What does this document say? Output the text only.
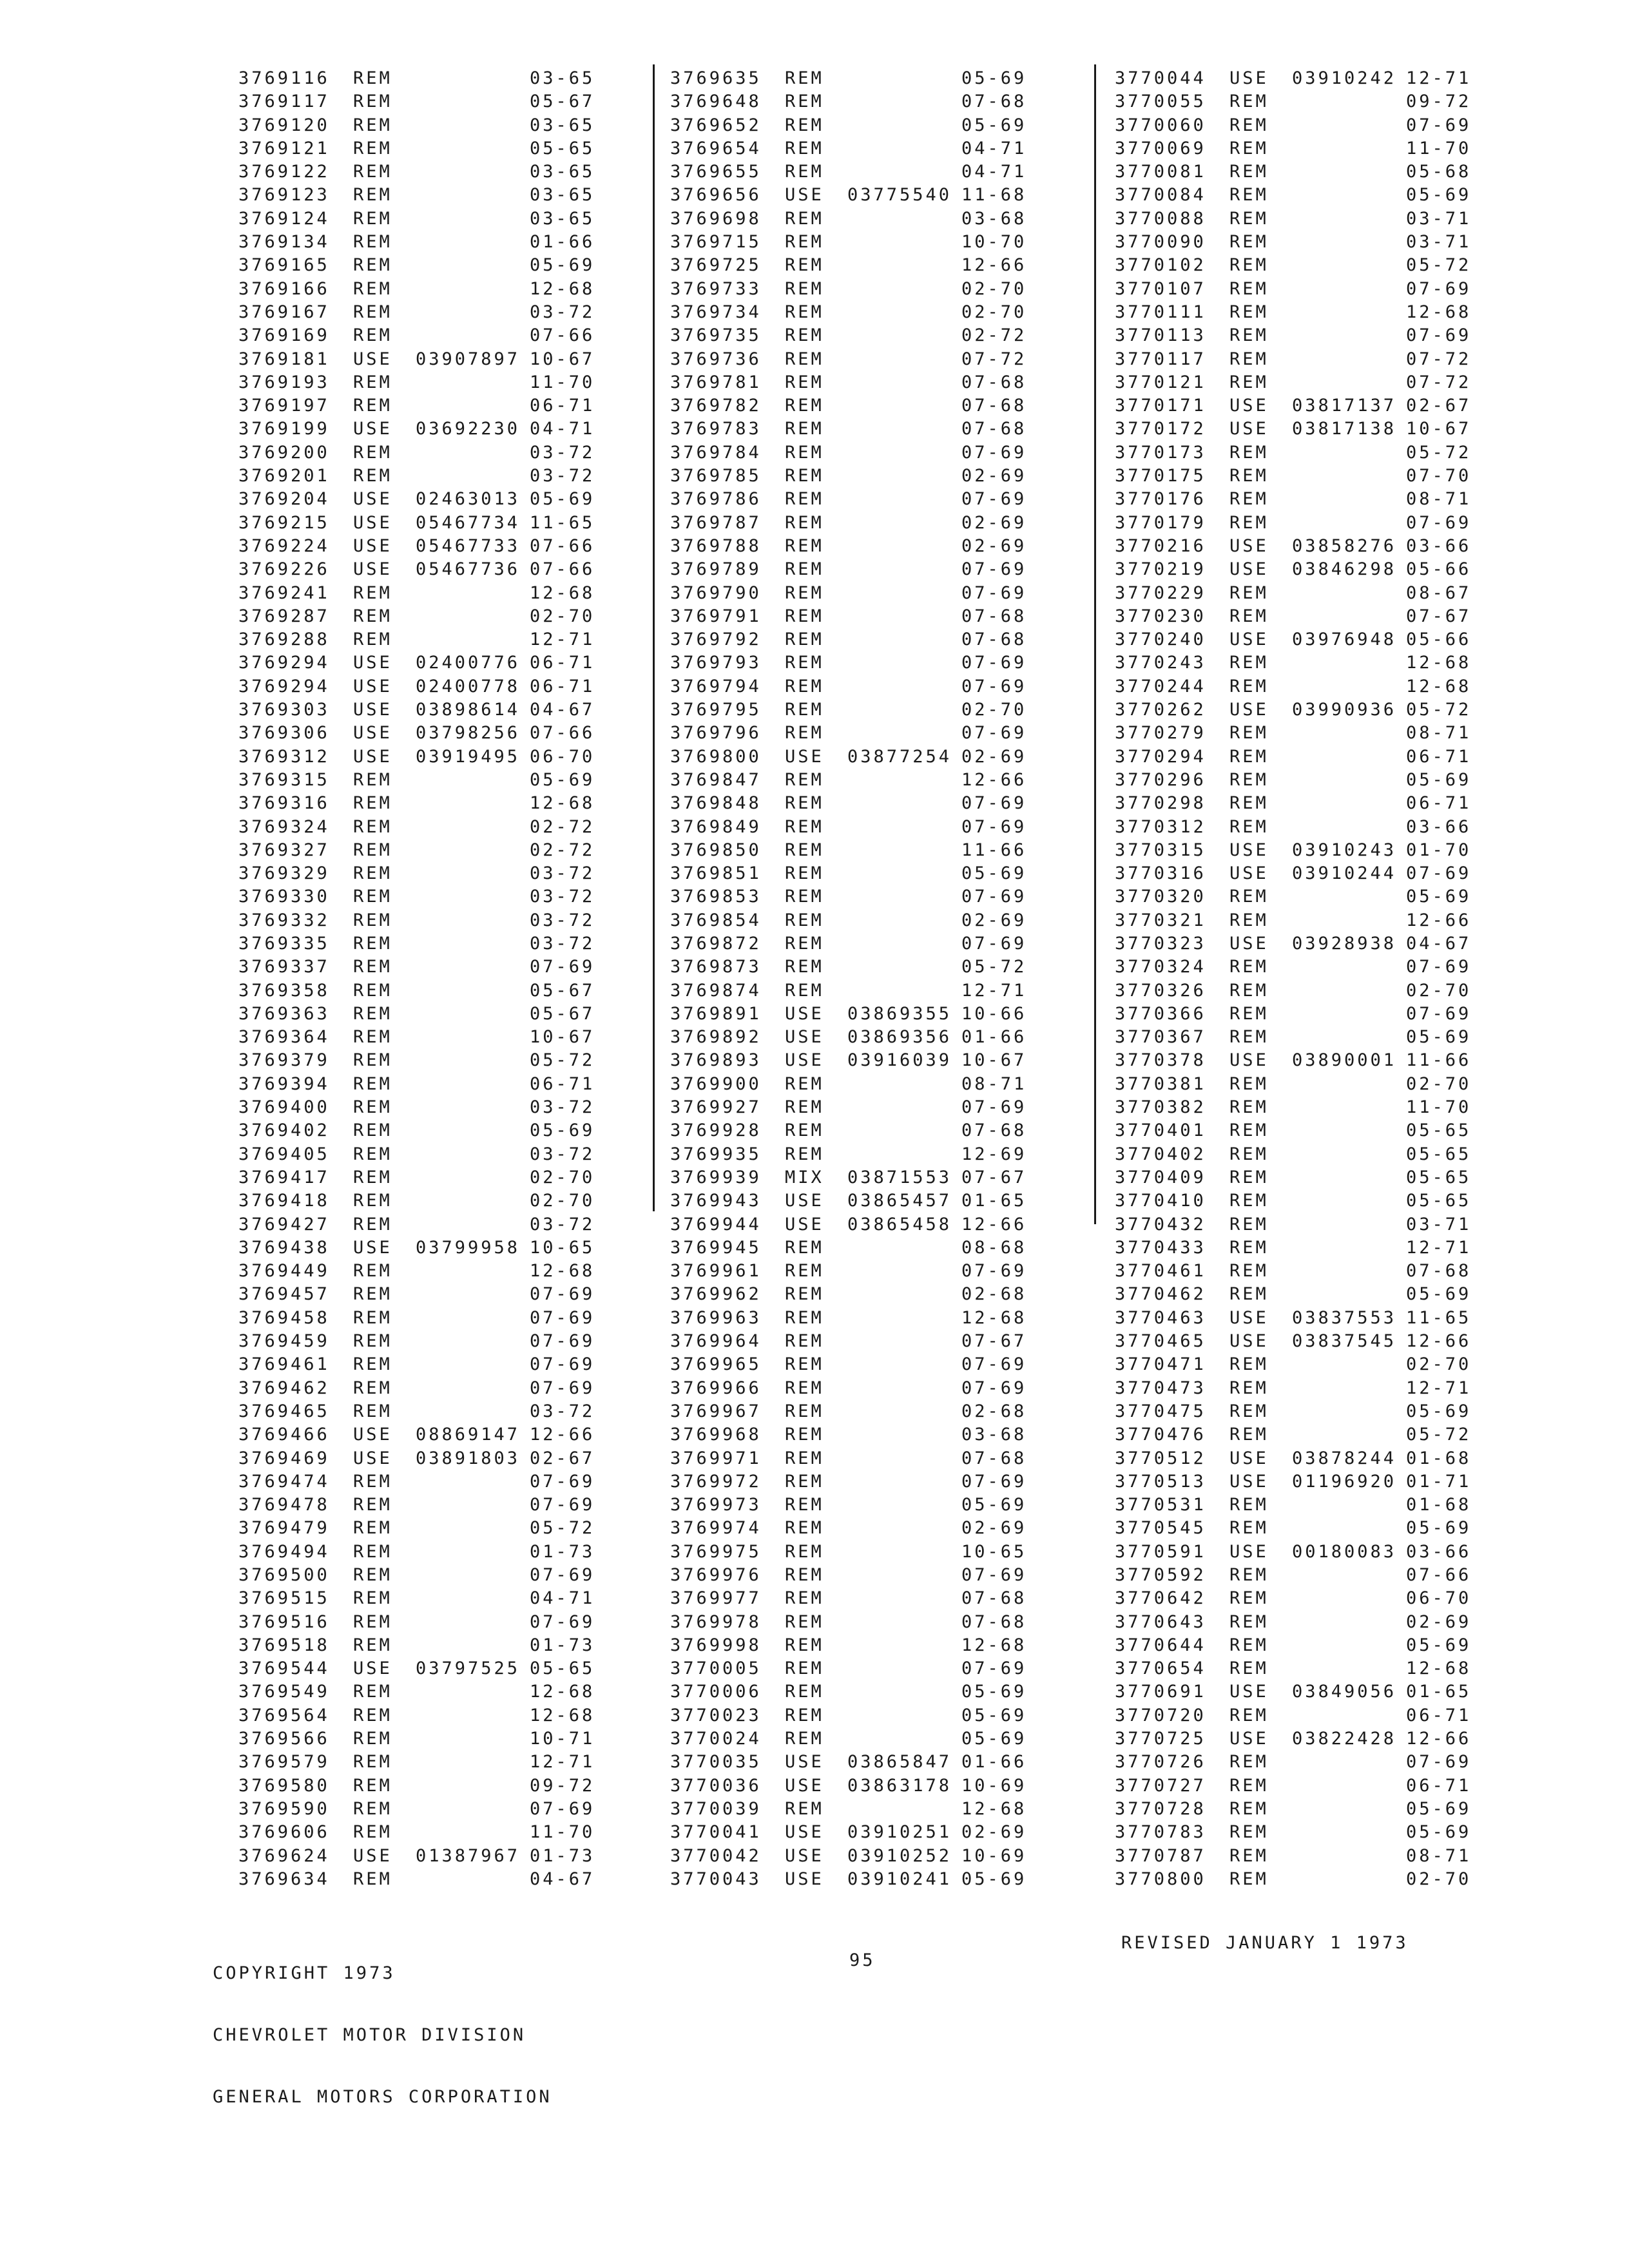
3769116 REM	03-65
3769117 REM	05-67
3769120 REM	03-65
3769121 REM	05-65
3769122 REM	03-65
3769123 REM	03-65
3769124 REM	03-65
3769134 REM	01-66
3769165 REM	05-69
3769166 REM	12-68
3769167 REM	03-72
3769169 REM	07-66
3769181 USE 03907897 10-67
3769193 REM	11-70
3769197 REM	06-71
3769199 USE 03692230 04-71
3769200 REM	03-72
3769201 REM	03-72
3769204 USE 02463013 05-69
3769215 USE 05467734 11-65
3769224 USE 05467733 07-66
3769226 USE 05467736 07-66
3769241 REM	12-68
3769287 REM	02-70
3769288 REM	12-71
3769294 USE 02400776 06-71
3769294 USE 02400778 06-71
3769303 USE 03898614 04-67
3769306 USE 03798256 07-66
3769312 USE 03919495 06-70
3769315 REM	05-69
3769316 REM	12-68
3769324 REM	02-72
3769327 REM	02-72
3769329 REM	03-72
3769330 REM	03-72
3769332 REM	03-72
3769335 REM	03-72
3769337 REM	07-69
3769358 REM	05-67
3769363 REM	05-67
3769364 REM	10-67
3769379 REM	05-72
3769394 REM	06-71
3769400 REM	03-72
3769402 REM	05-69
3769405 REM	03-72
3769417 REM	02-70
3769418 REM	02-70
3769427 REM	03-72
3769438 USE 03799958 10-65
3769449 REM	12-68
3769457 REM	07-69
3769458 REM	07-69
3769459 REM	07-69
3769461 REM	07-69
3769462 REM	07-69
3769465 REM	03-72
3769466 USE 08869147 12-66
3769469 USE 03891803 02-67
3769474 REM	07-69
3769478 REM	07-69
3769479 REM	05-72
3769494 REM	01-73
3769500 REM	07-69
3769515 REM	04-71
3769516 REM	07-69
3769518 REM	01-73
3769544 USE 03797525 05-65
3769549 REM	12-68
3769564 REM	12-68
3769566 REM	10-71
3769579 REM	12-71
3769580 REM	09-72
3769590 REM	07-69
3769606 REM	11-70
3769624 USE 01387967 01-73
3769634 REM	04-67
3769635 REM	05-69
3769648 REM	07-68
3769652 REM	05-69
3769654 REM	04-71
3769655 REM	04-71
3769656 USE 03775540 11-68
3769698 REM	03-68
3769715 REM	10-70
3769725 REM	12-66
3769733 REM	02-70
3769734 REM	02-70
3769735 REM	02-72
3769736 REM	07-72
3769781 REM	07-68
3769782 REM	07-68
3769783 REM	07-68
3769784 REM	07-69
3769785 REM	02-69
3769786 REM	07-69
3769787 REM	02-69
3769788 REM	02-69
3769789 REM	07-69
3769790 REM	07-69
3769791 REM	07-68
3769792 REM	07-68
3769793 REM	07-69
3769794 REM	07-69
3769795 REM	02-70
3769796 REM	07-69
3769800 USE 03877254 02-69
3769847 REM	12-66
3769848 REM	07-69
3769849 REM	07-69
3769850 REM	11-66
3769851 REM	05-69
3769853 REM	07-69
3769854 REM	02-69
3769872 REM	07-69
3769873 REM	05-72
3769874 REM	12-71
3769891 USE 03869355 10-66
3769892 USE 03869356 01-66
3769893 USE 03916039 10-67
3769900 REM	08-71
3769927 REM	07-69
3769928 REM	07-68
3769935 REM	12-69
3769939 MIX 03871553 07-67
3769943 USE 03865457 01-65
3769944 USE 03865458 12-66
3769945 REM	08-68
3769961 REM	07-69
3769962 REM	02-68
3769963 REM	12-68
3769964 REM	07-67
3769965 REM	07-69
3769966 REM	07-69
3769967 REM	02-68
3769968 REM	03-68
3769971 REM	07-68
3769972 REM	07-69
3769973 REM	05-69
3769974 REM	02-69
3769975 REM	10-65
3769976 REM	07-69
3769977 REM	07-68
3769978 REM	07-68
3769998 REM	12-68
3770005 REM	07-69
3770006 REM	05-69
3770023 REM	05-69
3770024 REM	05-69
3770035 USE 03865847 01-66
3770036 USE 03863178 10-69
3770039 REM	12-68
3770041 USE 03910251 02-69
3770042 USE 03910252 10-69
3770043 USE 03910241 05-69
3770044 USE 03910242 12-71
3770055 REM	09-72
3770060 REM	07-69
3770069 REM	11-70
3770081 REM	05-68
3770084 REM	05-69
3770088 REM	03-71
3770090 REM	03-71
3770102 REM	05-72
3770107 REM	07-69
3770111 REM	12-68
3770113 REM	07-69
3770117 REM	07-72
3770121 REM	07-72
3770171 USE 03817137 02-67
3770172 USE 03817138 10-67
3770173 REM	05-72
3770175 REM	07-70
3770176 REM	08-71
3770179 REM	07-69
3770216 USE 03858276 03-66
3770219 USE 03846298 05-66
3770229 REM	08-67
3770230 REM	07-67
3770240 USE 03976948 05-66
3770243 REM	12-68
3770244 REM	12-68
3770262 USE 03990936 05-72
3770279 REM	08-71
3770294 REM	06-71
3770296 REM	05-69
3770298 REM	06-71
3770312 REM	03-66
3770315 USE 03910243 01-70
3770316 USE 03910244 07-69
3770320 REM	05-69
3770321 REM	12-66
3770323 USE 03928938 04-67
3770324 REM	07-69
3770326 REM	02-70
3770366 REM	07-69
3770367 REM	05-69
3770378 USE 03890001 11-66
3770381 REM	02-70
3770382 REM	11-70
3770401 REM	05-65
3770402 REM	05-65
3770409 REM	05-65
3770410 REM	05-65
3770432 REM	03-71
3770433 REM	12-71
3770461 REM	07-68
3770462 REM	05-69
3770463 USE 03837553 11-65
3770465 USE 03837545 12-66
3770471 REM	02-70
3770473 REM	12-71
3770475 REM	05-69
3770476 REM	05-72
3770512 USE 03878244 01-68
3770513 USE 01196920 01-71
3770531 REM	01-68
3770545 REM	05-69
3770591 USE 00180083 03-66
3770592 REM	07-66
3770642 REM	06-70
3770643 REM	02-69
3770644 REM	05-69
3770654 REM	12-68
3770691 USE 03849056 01-65
3770720 REM	06-71
3770725 USE 03822428 12-66
3770726 REM	07-69
3770727 REM	06-71
3770728 REM	05-69
3770783 REM	05-69
3770787 REM	08-71
3770800 REM	02-70

COPYRIGHT 1973

CHEVROLET MOTOR DIVISION

GENERAL MOTORS CORPORATION

95
REVISED JANUARY 1 1973
